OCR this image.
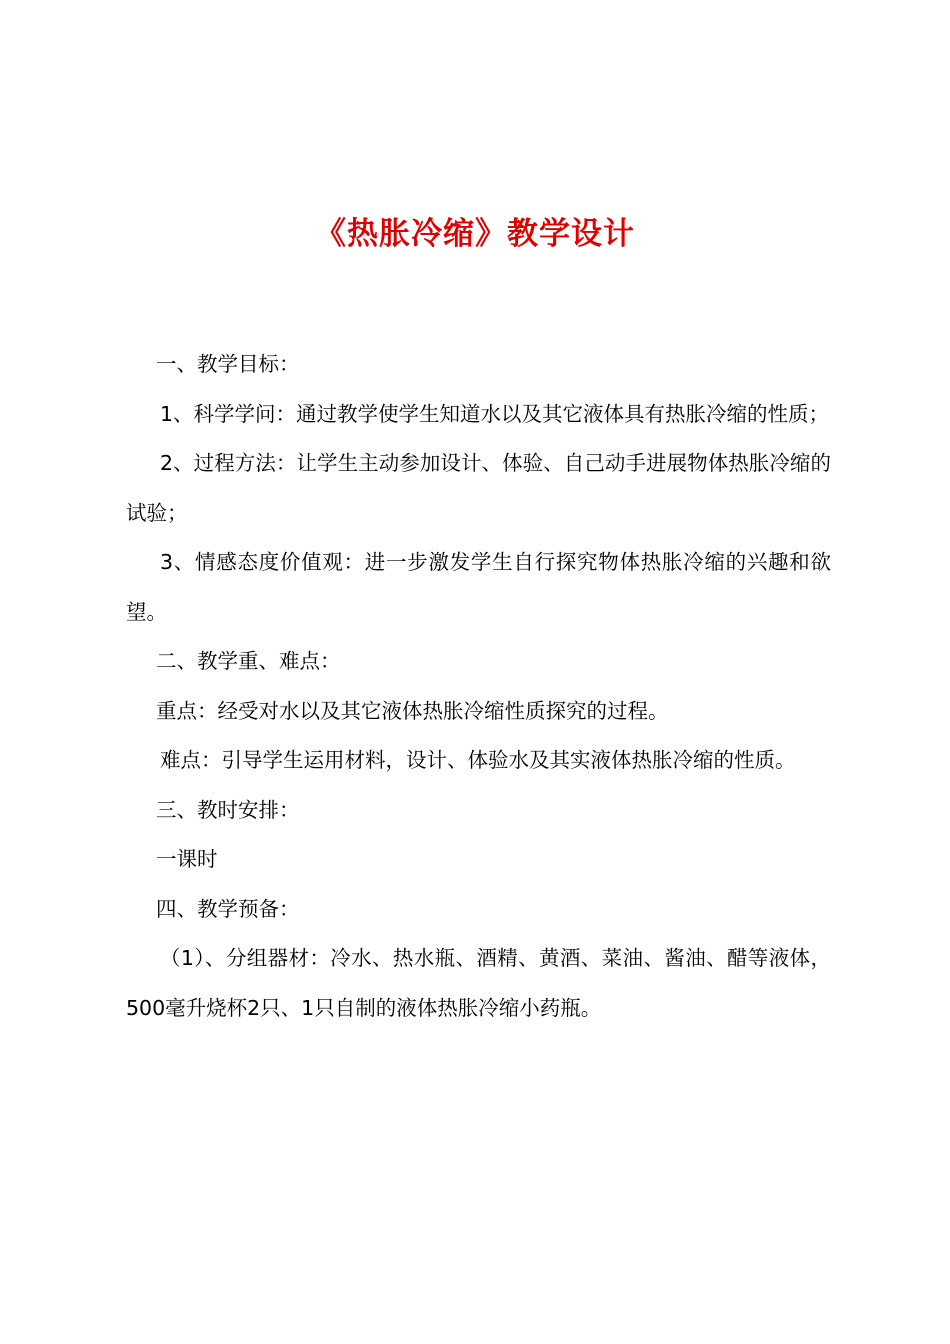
《热胀冷缩》教学设计

一、教学目标：

1、科学学问：通过教学使学生知道水以及其它液体具有热胀冷缩的性质；

2、过程方法：让学生主动参加设计、体验、自己动手进展物体热胀冷缩的试验；

3、情感态度价值观：进一步激发学生自行探究物体热胀冷缩的兴趣和欲望。

二、教学重、难点：

重点：经受对水以及其它液体热胀冷缩性质探究的过程。

难点：引导学生运用材料，设计、体验水及其实液体热胀冷缩的性质。

三、教时安排：

一课时

四、教学预备：

（1）、分组器材：冷水、热水瓶、酒精、黄酒、菜油、酱油、醋等液体，500毫升烧杯2只、1只自制的液体热胀冷缩小药瓶。
